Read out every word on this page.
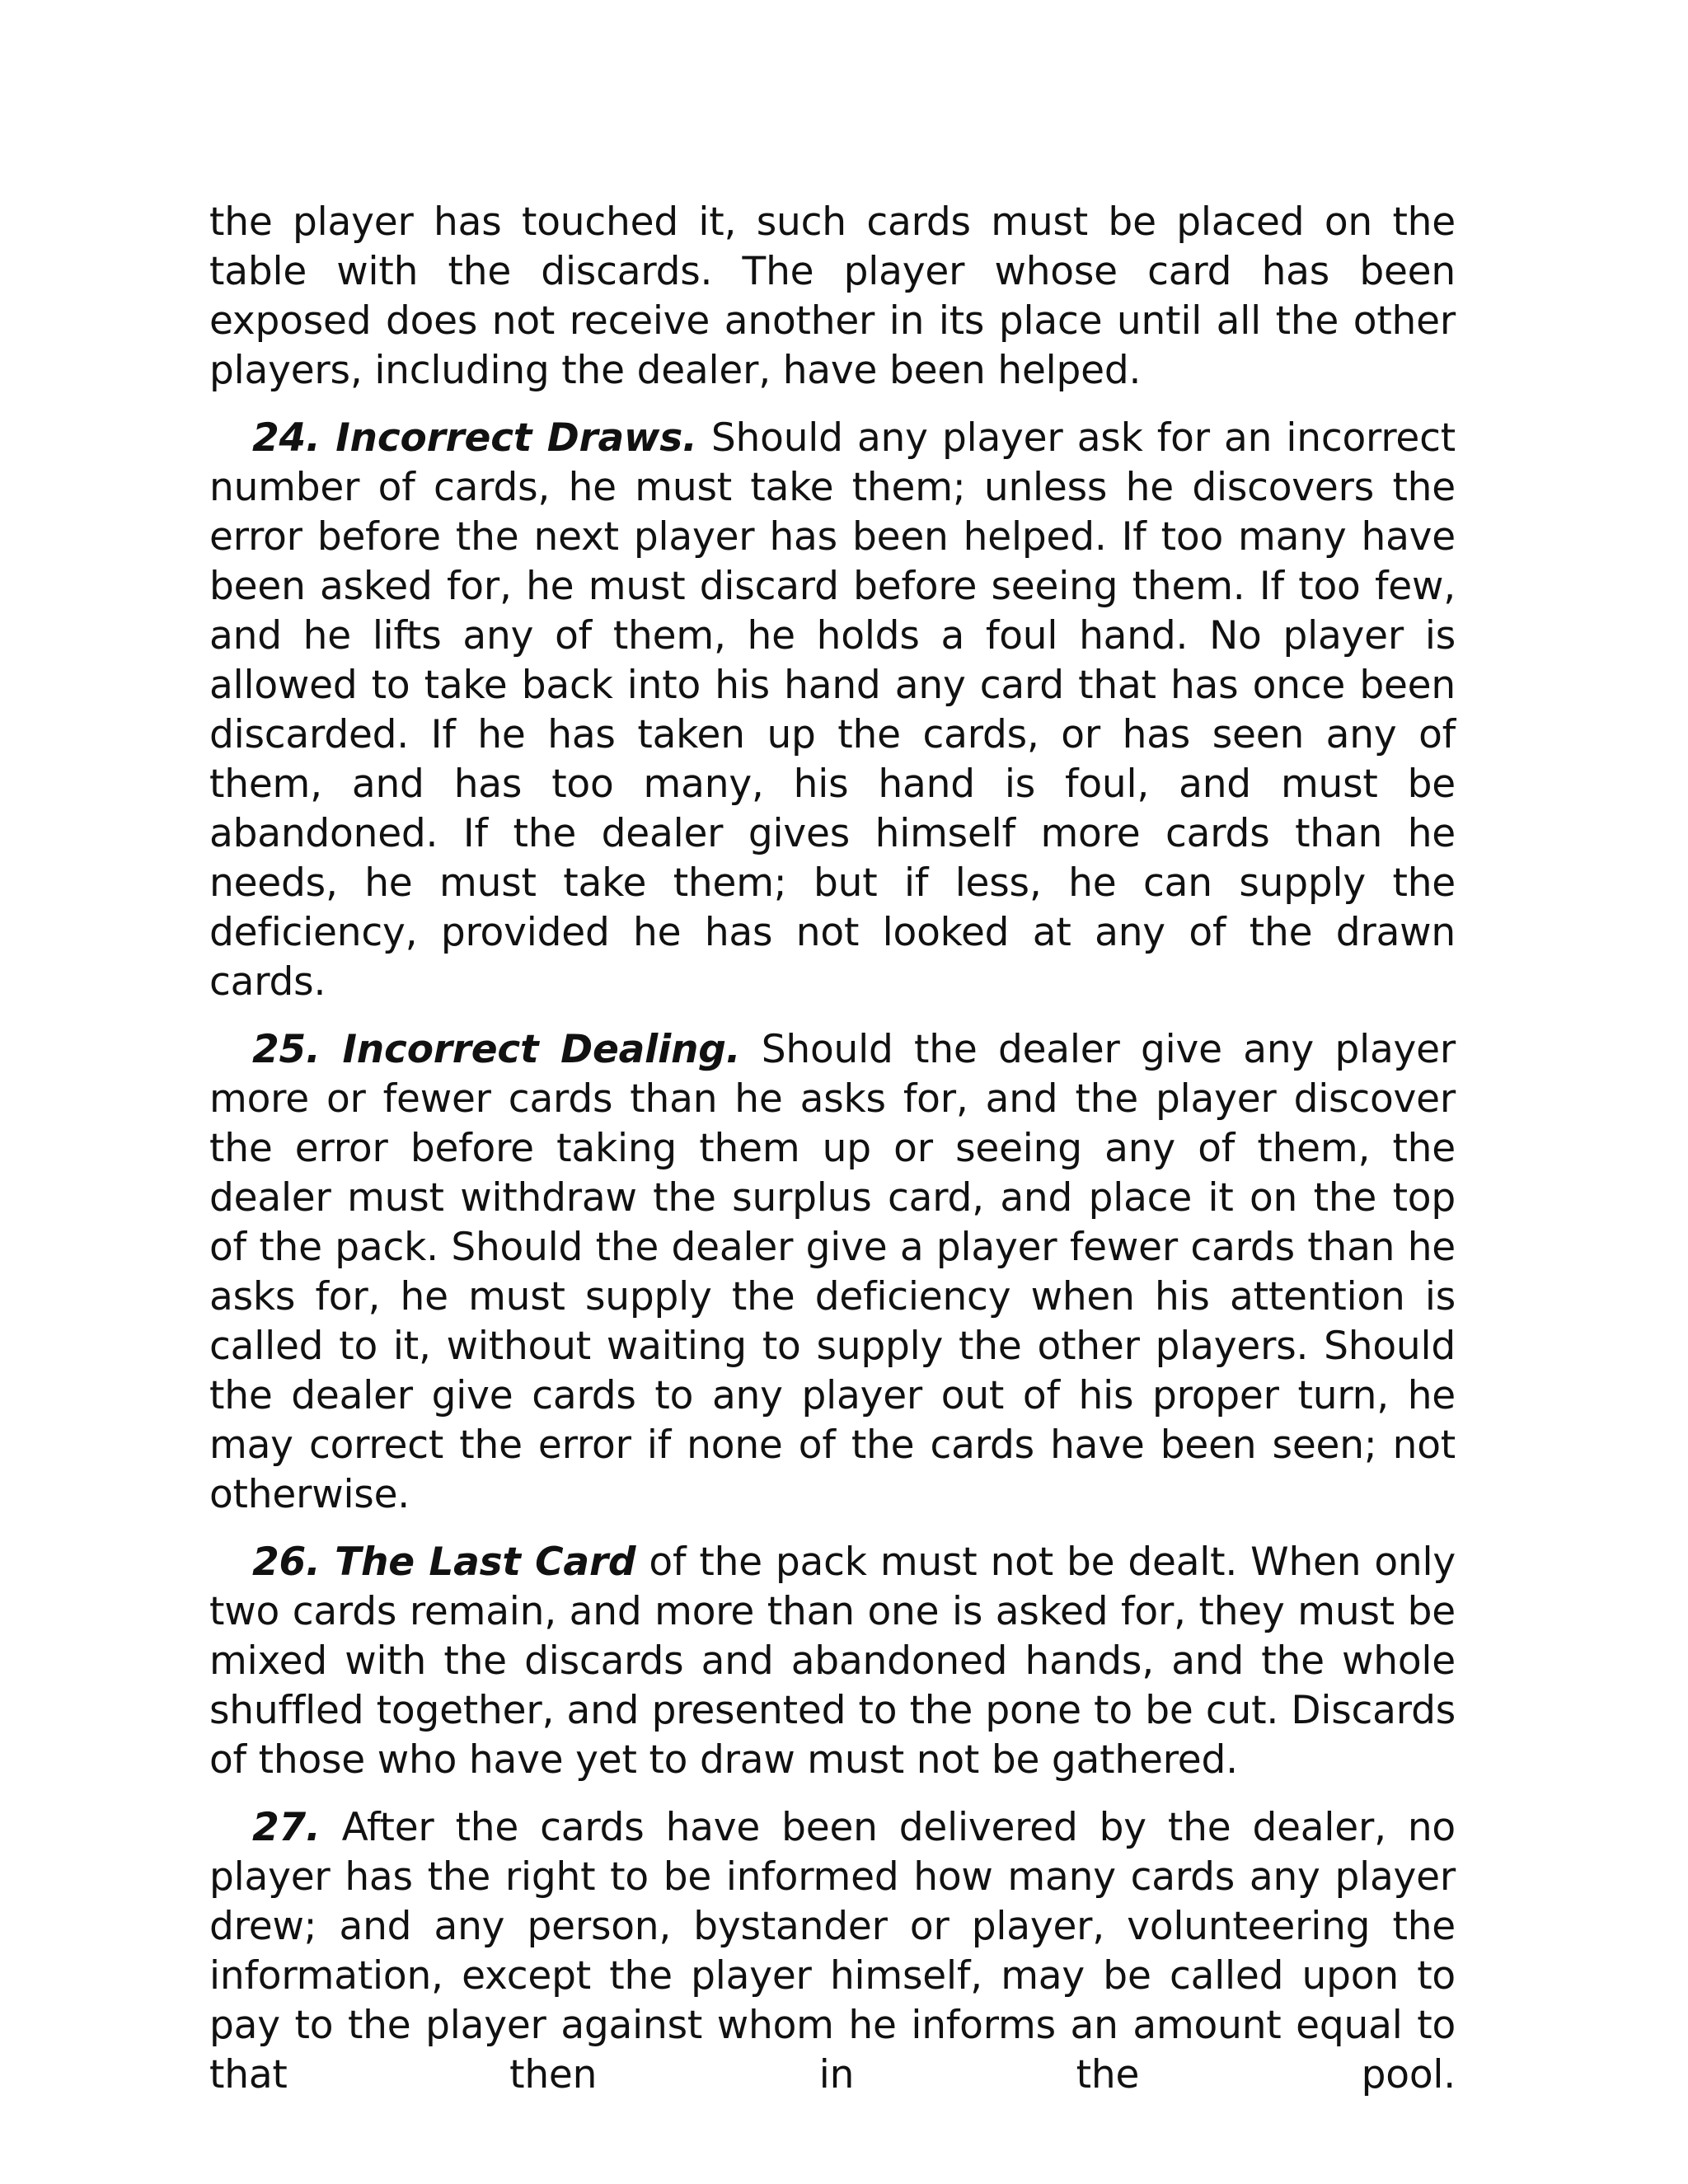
the player has touched it, such cards must be placed on the table with the discards. The player whose card has been exposed does not receive another in its place until all the other players, including the dealer, have been helped.

24. Incorrect Draws. Should any player ask for an incorrect number of cards, he must take them; unless he discovers the error before the next player has been helped. If too many have been asked for, he must discard before seeing them. If too few, and he lifts any of them, he holds a foul hand. No player is allowed to take back into his hand any card that has once been discarded. If he has taken up the cards, or has seen any of them, and has too many, his hand is foul, and must be abandoned. If the dealer gives himself more cards than he needs, he must take them; but if less, he can supply the deficiency, provided he has not looked at any of the drawn cards.

25. Incorrect Dealing. Should the dealer give any player more or fewer cards than he asks for, and the player discover the error before taking them up or seeing any of them, the dealer must withdraw the surplus card, and place it on the top of the pack. Should the dealer give a player fewer cards than he asks for, he must supply the deficiency when his attention is called to it, without waiting to supply the other players. Should the dealer give cards to any player out of his proper turn, he may correct the error if none of the cards have been seen; not otherwise.

26. The Last Card of the pack must not be dealt. When only two cards remain, and more than one is asked for, they must be mixed with the discards and abandoned hands, and the whole shuffled together, and presented to the pone to be cut. Discards of those who have yet to draw must not be gathered.

27. After the cards have been delivered by the dealer, no player has the right to be informed how many cards any player drew; and any person, bystander or player, volunteering the information, except the player himself, may be called upon to pay to the player against whom he informs an amount equal to that then in the pool.
